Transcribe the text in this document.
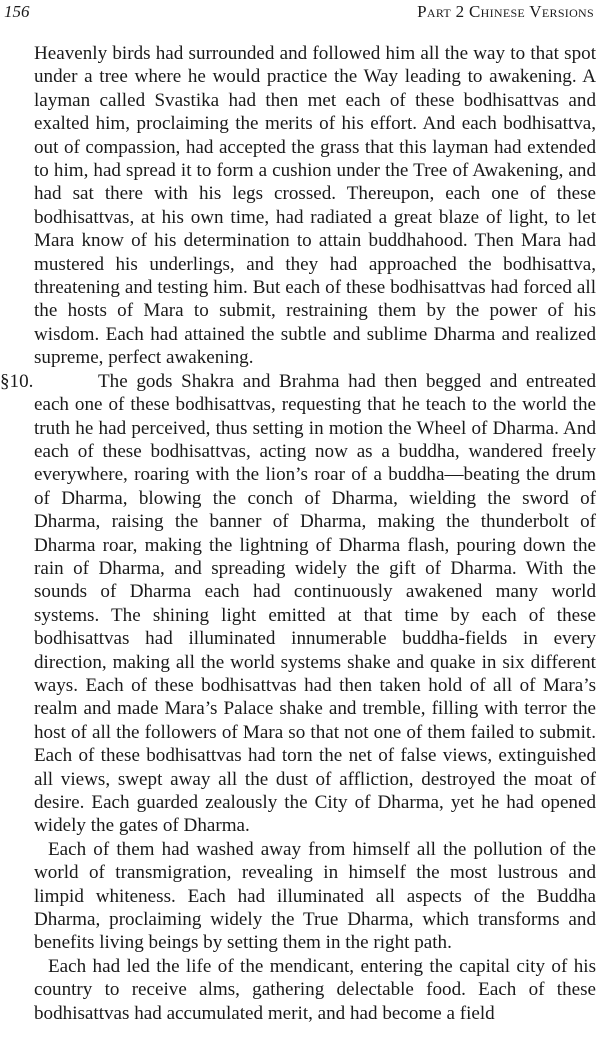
156	Part 2 Chinese Versions

Heavenly birds had surrounded and followed him all the way to that spot under a tree where he would practice the Way leading to awakening. A layman called Svastika had then met each of these bodhisattvas and exalted him, proclaiming the merits of his effort. And each bodhisattva, out of compassion, had accepted the grass that this layman had extended to him, had spread it to form a cushion under the Tree of Awakening, and had sat there with his legs crossed. Thereupon, each one of these bodhisattvas, at his own time, had radiated a great blaze of light, to let Mara know of his determination to attain buddhahood. Then Mara had mustered his underlings, and they had approached the bodhisattva, threatening and testing him. But each of these bodhisattvas had forced all the hosts of Mara to submit, restraining them by the power of his wisdom. Each had attained the subtle and sublime Dharma and realized supreme, perfect awakening.

§10.	The gods Shakra and Brahma had then begged and entreated each one of these bodhisattvas, requesting that he teach to the world the truth he had perceived, thus setting in motion the Wheel of Dharma. And each of these bodhisattvas, acting now as a buddha, wandered freely everywhere, roaring with the lion’s roar of a buddha—beating the drum of Dharma, blowing the conch of Dharma, wielding the sword of Dharma, raising the banner of Dharma, making the thunderbolt of Dharma roar, making the lightning of Dharma flash, pouring down the rain of Dharma, and spreading widely the gift of Dharma. With the sounds of Dharma each had continuously awakened many world systems. The shining light emitted at that time by each of these bodhisattvas had illuminated innumerable buddha-fields in every direction, making all the world systems shake and quake in six different ways. Each of these bodhisattvas had then taken hold of all of Mara’s realm and made Mara’s Palace shake and tremble, filling with terror the host of all the followers of Mara so that not one of them failed to submit. Each of these bodhisattvas had torn the net of false views, extinguished all views, swept away all the dust of affliction, destroyed the moat of desire. Each guarded zealously the City of Dharma, yet he had opened widely the gates of Dharma.

Each of them had washed away from himself all the pollution of the world of transmigration, revealing in himself the most lustrous and limpid whiteness. Each had illuminated all aspects of the Buddha Dharma, proclaiming widely the True Dharma, which transforms and benefits living beings by setting them in the right path.

Each had led the life of the mendicant, entering the capital city of his country to receive alms, gathering delectable food. Each of these bodhisattvas had accumulated merit, and had become a field
